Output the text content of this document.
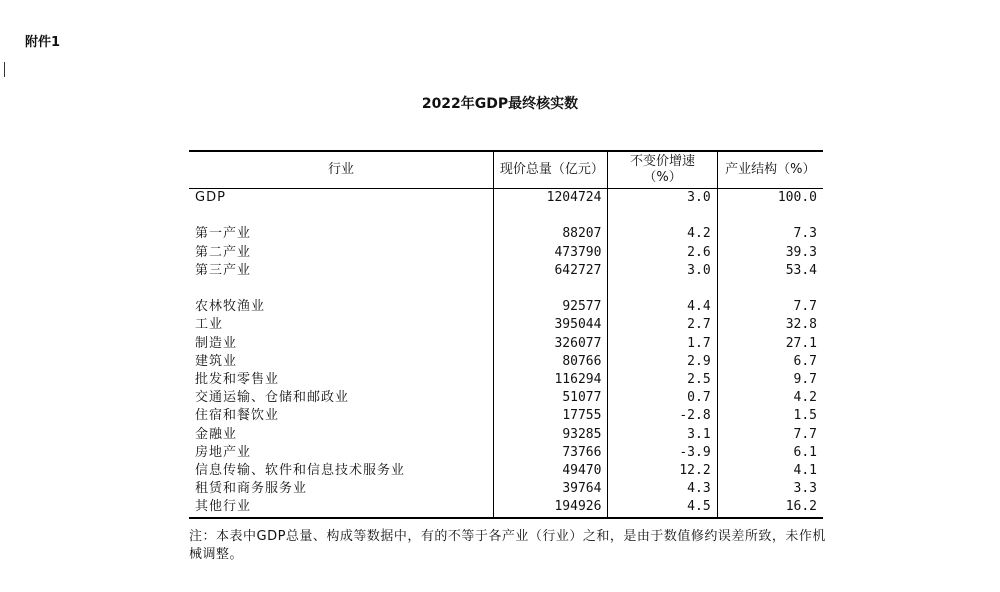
附件1
2022年GDP最终核实数
行业	现价总量（亿元）	不变价增速（%）	产业结构（%）
GDP	1204724	3.0	100.0

第一产业	88207	4.2	7.3
第二产业	473790	2.6	39.3
第三产业	642727	3.0	53.4

农林牧渔业	92577	4.4	7.7
工业	395044	2.7	32.8
制造业	326077	1.7	27.1
建筑业	80766	2.9	6.7
批发和零售业	116294	2.5	9.7
交通运输、仓储和邮政业	51077	0.7	4.2
住宿和餐饮业	17755	-2.8	1.5
金融业	93285	3.1	7.7
房地产业	73766	-3.9	6.1
信息传输、软件和信息技术服务业	49470	12.2	4.1
租赁和商务服务业	39764	4.3	3.3
其他行业	194926	4.5	16.2
注：本表中GDP总量、构成等数据中，有的不等于各产业（行业）之和，是由于数值修约误差所致，未作机械调整。
